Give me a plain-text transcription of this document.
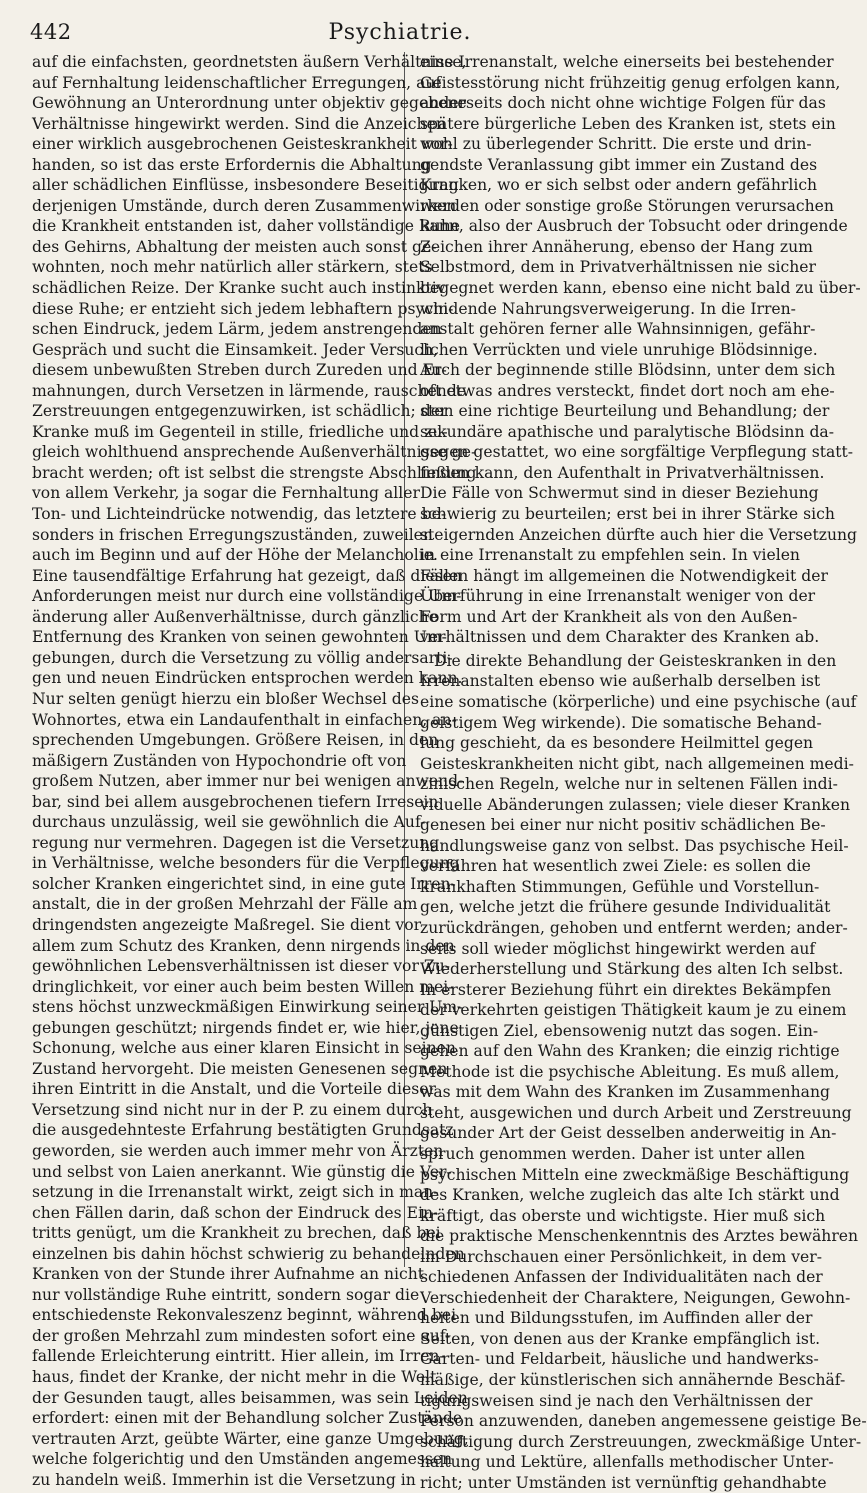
442	Psychiatrie.
auf die einfachsten, geordnetsten äußern Verhältnisse,
auf Fernhaltung leidenschaftlicher Erregungen, auf
Gewöhnung an Unterordnung unter objektiv gegebene
Verhältnisse hingewirkt werden. Sind die Anzeichen
einer wirklich ausgebrochenen Geisteskrankheit vor-
handen, so ist das erste Erfordernis die Abhaltung
aller schädlichen Einflüsse, insbesondere Beseitigung
derjenigen Umstände, durch deren Zusammenwirken
die Krankheit entstanden ist, daher vollständige Ruhe
des Gehirns, Abhaltung der meisten auch sonst ge-
wohnten, noch mehr natürlich aller stärkern, stets
schädlichen Reize. Der Kranke sucht auch instinktiv
diese Ruhe; er entzieht sich jedem lebhaftern psychi-
schen Eindruck, jedem Lärm, jedem anstrengenden
Gespräch und sucht die Einsamkeit. Jeder Versuch,
diesem unbewußten Streben durch Zureden und Er-
mahnungen, durch Versetzen in lärmende, rauschende
Zerstreuungen entgegenzuwirken, ist schädlich; der
Kranke muß im Gegenteil in stille, friedliche und zu-
gleich wohlthuend ansprechende Außenverhältnisse ge-
bracht werden; oft ist selbst die strengste Abschließung
von allem Verkehr, ja sogar die Fernhaltung aller
Ton- und Lichteindrücke notwendig, das letztere be-
sonders in frischen Erregungszuständen, zuweilen
auch im Beginn und auf der Höhe der Melancholie.
Eine tausendfältige Erfahrung hat gezeigt, daß diesen
Anforderungen meist nur durch eine vollständige Um-
änderung aller Außenverhältnisse, durch gänzliche
Entfernung des Kranken von seinen gewohnten Um-
gebungen, durch die Versetzung zu völlig andersarti-
gen und neuen Eindrücken entsprochen werden kann.
Nur selten genügt hierzu ein bloßer Wechsel des
Wohnortes, etwa ein Landaufenthalt in einfachen, an-
sprechenden Umgebungen. Größere Reisen, in den
mäßigern Zuständen von Hypochondrie oft von
großem Nutzen, aber immer nur bei wenigen anwend-
bar, sind bei allem ausgebrochenen tiefern Irresein
durchaus unzulässig, weil sie gewöhnlich die Auf-
regung nur vermehren. Dagegen ist die Versetzung
in Verhältnisse, welche besonders für die Verpflegung
solcher Kranken eingerichtet sind, in eine gute Irren-
anstalt, die in der großen Mehrzahl der Fälle am
dringendsten angezeigte Maßregel. Sie dient vor
allem zum Schutz des Kranken, denn nirgends in den
gewöhnlichen Lebensverhältnissen ist dieser vor Zu-
dringlichkeit, vor einer auch beim besten Willen mei-
stens höchst unzweckmäßigen Einwirkung seiner Um-
gebungen geschützt; nirgends findet er, wie hier, jene
Schonung, welche aus einer klaren Einsicht in seinen
Zustand hervorgeht. Die meisten Genesenen segnen
ihren Eintritt in die Anstalt, und die Vorteile dieser
Versetzung sind nicht nur in der P. zu einem durch
die ausgedehnteste Erfahrung bestätigten Grundsatz
geworden, sie werden auch immer mehr von Ärzten
und selbst von Laien anerkannt. Wie günstig die Ver-
setzung in die Irrenanstalt wirkt, zeigt sich in man-
chen Fällen darin, daß schon der Eindruck des Ein-
tritts genügt, um die Krankheit zu brechen, daß bei
einzelnen bis dahin höchst schwierig zu behandelnden
Kranken von der Stunde ihrer Aufnahme an nicht
nur vollständige Ruhe eintritt, sondern sogar die
entschiedenste Rekonvaleszenz beginnt, während bei
der großen Mehrzahl zum mindesten sofort eine auf-
fallende Erleichterung eintritt. Hier allein, im Irren-
haus, findet der Kranke, der nicht mehr in die Welt
der Gesunden taugt, alles beisammen, was sein Leiden
erfordert: einen mit der Behandlung solcher Zustände
vertrauten Arzt, geübte Wärter, eine ganze Umgebung,
welche folgerichtig und den Umständen angemessen
zu handeln weiß. Immerhin ist die Versetzung in
eine Irrenanstalt, welche einerseits bei bestehender
Geistesstörung nicht frühzeitig genug erfolgen kann,
anderseits doch nicht ohne wichtige Folgen für das
spätere bürgerliche Leben des Kranken ist, stets ein
wohl zu überlegender Schritt. Die erste und drin-
gendste Veranlassung gibt immer ein Zustand des
Kranken, wo er sich selbst oder andern gefährlich
werden oder sonstige große Störungen verursachen
kann, also der Ausbruch der Tobsucht oder dringende
Zeichen ihrer Annäherung, ebenso der Hang zum
Selbstmord, dem in Privatverhältnissen nie sicher
begegnet werden kann, ebenso eine nicht bald zu über-
windende Nahrungsverweigerung. In die Irren-
anstalt gehören ferner alle Wahnsinnigen, gefähr-
lichen Verrückten und viele unruhige Blödsinnige.
Auch der beginnende stille Blödsinn, unter dem sich
oft etwas andres versteckt, findet dort noch am ehe-
sten eine richtige Beurteilung und Behandlung; der
sekundäre apathische und paralytische Blödsinn da-
gegen gestattet, wo eine sorgfältige Verpflegung statt-
finden kann, den Aufenthalt in Privatverhältnissen.
Die Fälle von Schwermut sind in dieser Beziehung
schwierig zu beurteilen; erst bei in ihrer Stärke sich
steigernden Anzeichen dürfte auch hier die Versetzung
in eine Irrenanstalt zu empfehlen sein. In vielen
Fällen hängt im allgemeinen die Notwendigkeit der
Überführung in eine Irrenanstalt weniger von der
Form und Art der Krankheit als von den Außen-
verhältnissen und dem Charakter des Kranken ab.
Die direkte Behandlung der Geisteskranken in den
Irrenanstalten ebenso wie außerhalb derselben ist
eine somatische (körperliche) und eine psychische (auf
geistigem Weg wirkende). Die somatische Behand-
lung geschieht, da es besondere Heilmittel gegen
Geisteskrankheiten nicht gibt, nach allgemeinen medi-
zinischen Regeln, welche nur in seltenen Fällen indi-
viduelle Abänderungen zulassen; viele dieser Kranken
genesen bei einer nur nicht positiv schädlichen Be-
handlungsweise ganz von selbst. Das psychische Heil-
verfahren hat wesentlich zwei Ziele: es sollen die
krankhaften Stimmungen, Gefühle und Vorstellun-
gen, welche jetzt die frühere gesunde Individualität
zurückdrängen, gehoben und entfernt werden; ander-
seits soll wieder möglichst hingewirkt werden auf
Wiederherstellung und Stärkung des alten Ich selbst.
In ersterer Beziehung führt ein direktes Bekämpfen
der verkehrten geistigen Thätigkeit kaum je zu einem
günstigen Ziel, ebensowenig nutzt das sogen. Ein-
gehen auf den Wahn des Kranken; die einzig richtige
Methode ist die psychische Ableitung. Es muß allem,
was mit dem Wahn des Kranken im Zusammenhang
steht, ausgewichen und durch Arbeit und Zerstreuung
gesunder Art der Geist desselben anderweitig in An-
spruch genommen werden. Daher ist unter allen
psychischen Mitteln eine zweckmäßige Beschäftigung
des Kranken, welche zugleich das alte Ich stärkt und
kräftigt, das oberste und wichtigste. Hier muß sich
die praktische Menschenkenntnis des Arztes bewähren
im Durchschauen einer Persönlichkeit, in dem ver-
schiedenen Anfassen der Individualitäten nach der
Verschiedenheit der Charaktere, Neigungen, Gewohn-
heiten und Bildungsstufen, im Auffinden aller der
Seiten, von denen aus der Kranke empfänglich ist.
Garten- und Feldarbeit, häusliche und handwerks-
mäßige, der künstlerischen sich annähernde Beschäf-
tigungsweisen sind je nach den Verhältnissen der
Person anzuwenden, daneben angemessene geistige Be-
schäftigung durch Zerstreuungen, zweckmäßige Unter-
haltung und Lektüre, allenfalls methodischer Unter-
richt; unter Umständen ist vernünftig gehandhabte
